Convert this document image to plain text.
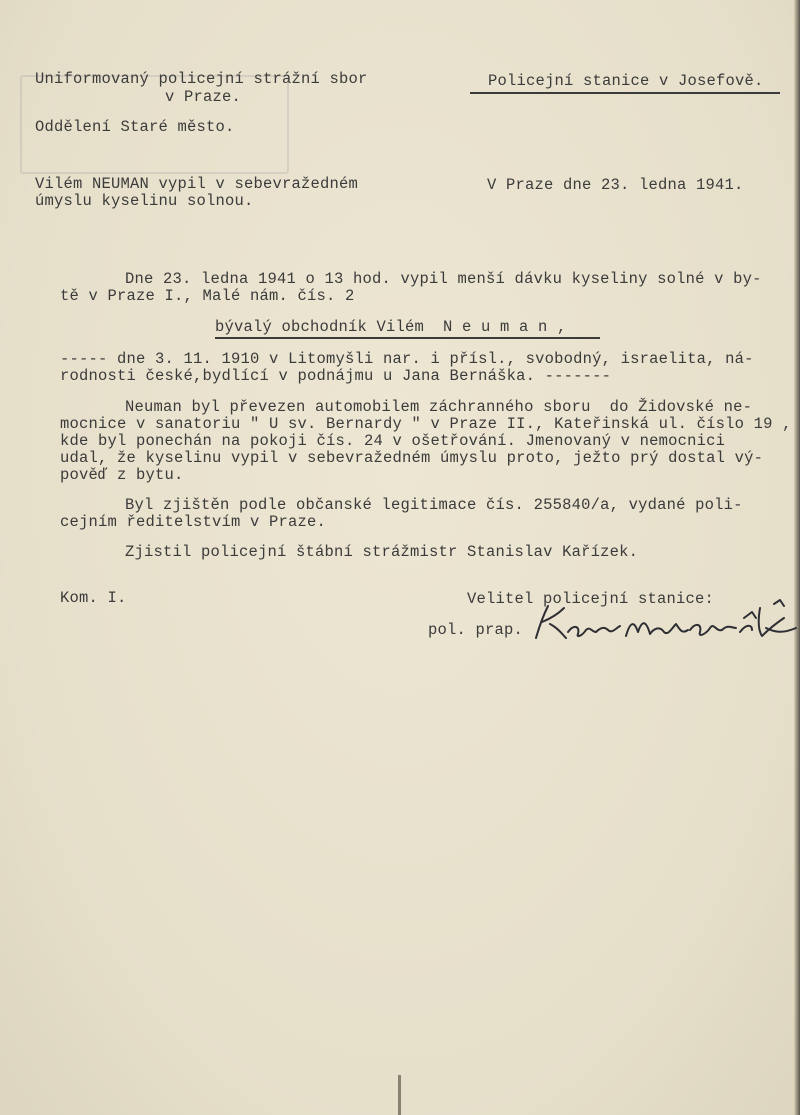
Uniformovaný policejní strážní sbor
v Praze.
Oddělení Staré město.
Policejní stanice v Josefově.
Vilém NEUMAN vypil v sebevražedném
úmyslu kyselinu solnou.
V Praze dne 23. ledna 1941.
Dne 23. ledna 1941 o 13 hod. vypil menší dávku kyseliny solné v by-
tě v Praze I., Malé nám. čís. 2
bývalý obchodník Vilém  N e u m a n ,
----- dne 3. 11. 1910 v Litomyšli nar. i přísl., svobodný, israelita, ná-
rodnosti české,bydlící v podnájmu u Jana Bernáška. -------
Neuman byl převezen automobilem záchranného sboru  do Židovské ne-
mocnice v sanatoriu " U sv. Bernardy " v Praze II., Kateřinská ul. číslo 19 ,
kde byl ponechán na pokoji čís. 24 v ošetřování. Jmenovaný v nemocnici
udal, že kyselinu vypil v sebevražedném úmyslu proto, ježto prý dostal vý-
pověď z bytu.
Byl zjištěn podle občanské legitimace čís. 255840/a, vydané poli-
cejním ředitelstvím v Praze.
Zjistil policejní štábní strážmistr Stanislav Kařízek.
Kom. I.	Velitel policejní stanice:
pol. prap.
